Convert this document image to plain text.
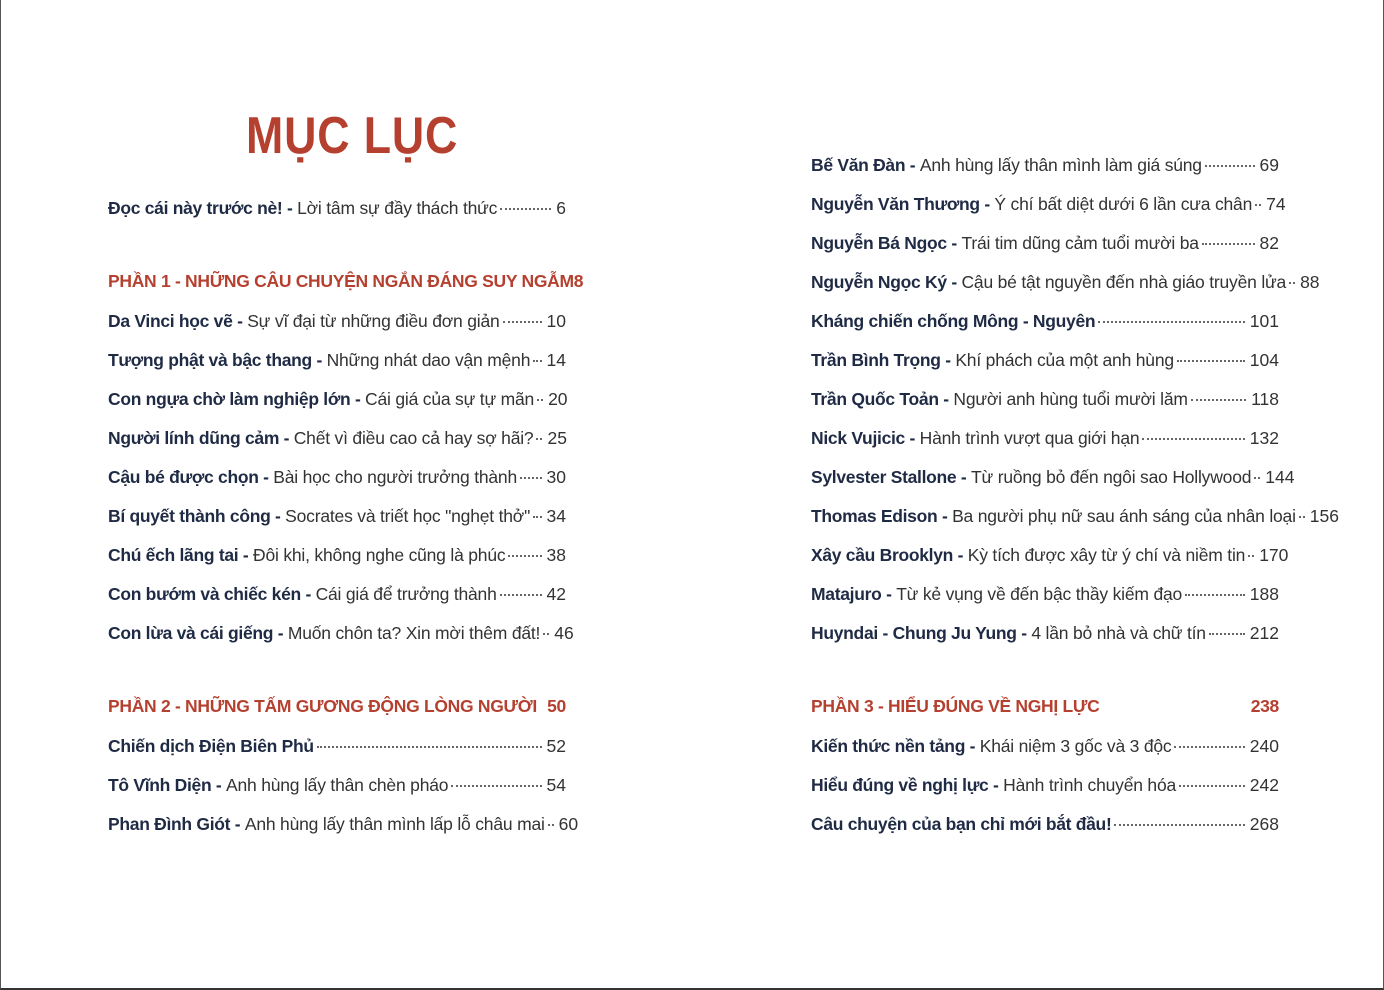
MỤC LỤC
Đọc cái này trước nè! - Lời tâm sự đầy thách thức	6
PHẦN 1 - NHỮNG CÂU CHUYỆN NGẮN ĐÁNG SUY NGẪM 8
Da Vinci học vẽ - Sự vĩ đại từ những điều đơn giản	10
Tượng phật và bậc thang - Những nhát dao vận mệnh 14
Con ngựa chờ làm nghiệp lớn - Cái giá của sự tự mãn 20
Người lính dũng cảm - Chết vì điều cao cả hay sợ hãi? 25
Cậu bé được chọn - Bài học cho người trưởng thành 30
Bí quyết thành công - Socrates và triết học "nghẹt thở" 34
Chú ếch lãng tai - Đôi khi, không nghe cũng là phúc 38
Con bướm và chiếc kén - Cái giá để trưởng thành	42
Con lừa và cái giếng - Muốn chôn ta? Xin mời thêm đất! 46
PHẦN 2 - NHỮNG TẤM GƯƠNG ĐỘNG LÒNG NGƯỜI 50
Chiến dịch Điện Biên Phủ	52
Tô Vĩnh Diện - Anh hùng lấy thân chèn pháo	54
Phan Đình Giót - Anh hùng lấy thân mình lấp lỗ châu mai 60
Bế Văn Đàn - Anh hùng lấy thân mình làm giá súng	69
Nguyễn Văn Thương - Ý chí bất diệt dưới 6 lần cưa chân 74
Nguyễn Bá Ngọc - Trái tim dũng cảm tuổi mười ba	82
Nguyễn Ngọc Ký - Cậu bé tật nguyền đến nhà giáo truyền lửa 88
Kháng chiến chống Mông - Nguyên	101
Trần Bình Trọng - Khí phách của một anh hùng	104
Trần Quốc Toản - Người anh hùng tuổi mười lăm	118
Nick Vujicic - Hành trình vượt qua giới hạn	132
Sylvester Stallone - Từ ruồng bỏ đến ngôi sao Hollywood 144
Thomas Edison - Ba người phụ nữ sau ánh sáng của nhân loại 156
Xây cầu Brooklyn - Kỳ tích được xây từ ý chí và niềm tin 170
Matajuro - Từ kẻ vụng về đến bậc thầy kiếm đạo	188
Huyndai - Chung Ju Yung - 4 lần bỏ nhà và chữ tín	212
PHẦN 3 - HIỂU ĐÚNG VỀ NGHỊ LỰC	238
Kiến thức nền tảng - Khái niệm 3 gốc và 3 độc	240
Hiểu đúng về nghị lực - Hành trình chuyển hóa	242
Câu chuyện của bạn chỉ mới bắt đầu!	268
